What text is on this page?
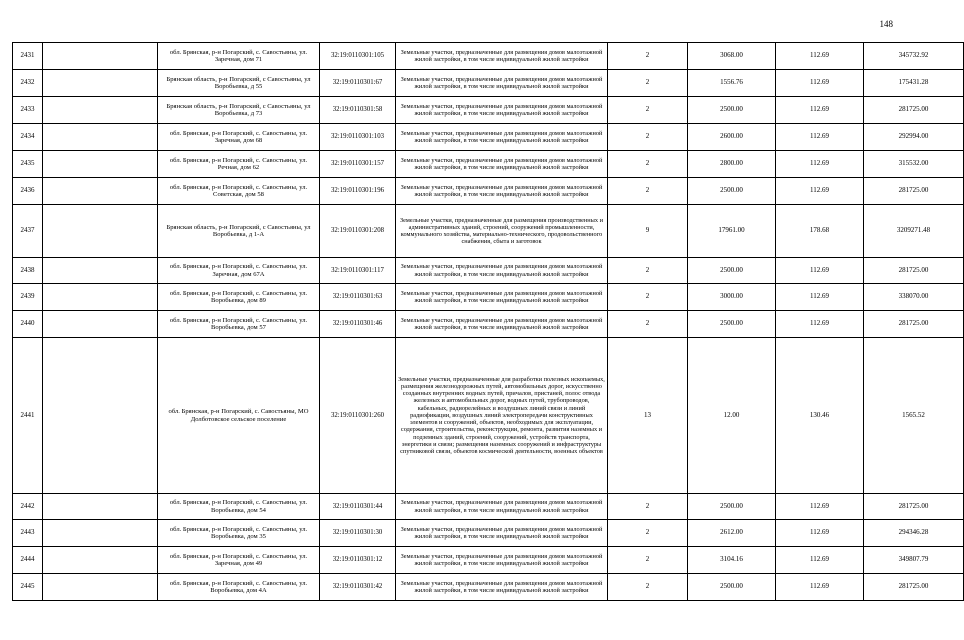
148
2431		обл. Брянская, р-н Погарский, с. Савостьяны, ул. Заречная, дом 71	32:19:0110301:105	Земельные участки, предназначенные для размещения домов малоэтажной жилой застройки, в том числе индивидуальной жилой застройки	2	3068.00	112.69	345732.92
2432		Брянская область, р-н Погарский, с Савостьяны, ул Воробьевка, д 55	32:19:0110301:67	Земельные участки, предназначенные для размещения домов малоэтажной жилой застройки, в том числе индивидуальной жилой застройки	2	1556.76	112.69	175431.28
2433		Брянская область, р-н Погарский, с Савостьяны, ул Воробьевка, д 73	32:19:0110301:58	Земельные участки, предназначенные для размещения домов малоэтажной жилой застройки, в том числе индивидуальной жилой застройки	2	2500.00	112.69	281725.00
2434		обл. Брянская, р-н Погарский, с. Савостьяны, ул. Заречная, дом 68	32:19:0110301:103	Земельные участки, предназначенные для размещения домов малоэтажной жилой застройки, в том числе индивидуальной жилой застройки	2	2600.00	112.69	292994.00
2435		обл. Брянская, р-н Погарский, с. Савостьяны, ул. Речная, дом 62	32:19:0110301:157	Земельные участки, предназначенные для размещения домов малоэтажной жилой застройки, в том числе индивидуальной жилой застройки	2	2800.00	112.69	315532.00
2436		обл. Брянская, р-н Погарский, с. Савостьяны, ул. Советская, дом 58	32:19:0110301:196	Земельные участки, предназначенные для размещения домов малоэтажной жилой застройки, в том числе индивидуальной жилой застройки	2	2500.00	112.69	281725.00
2437		Брянская область, р-н Погарский, с Савостьяны, ул Воробьевка, д 1-А	32:19:0110301:208	Земельные участки, предназначенные для размещения производственных и административных зданий, строений, сооружений промышленности, коммунального хозяйства, материально-технического, продовольственного снабжения, сбыта и заготовок	9	17961.00	178.68	3209271.48
2438		обл. Брянская, р-н Погарский, с. Савостьяны, ул. Заречная, дом 67А	32:19:0110301:117	Земельные участки, предназначенные для размещения домов малоэтажной жилой застройки, в том числе индивидуальной жилой застройки	2	2500.00	112.69	281725.00
2439		обл. Брянская, р-н Погарский, с. Савостьяны, ул. Воробьевка, дом 89	32:19:0110301:63	Земельные участки, предназначенные для размещения домов малоэтажной жилой застройки, в том числе индивидуальной жилой застройки	2	3000.00	112.69	338070.00
2440		обл. Брянская, р-н Погарский, с. Савостьяны, ул. Воробьевка, дом 57	32:19:0110301:46	Земельные участки, предназначенные для размещения домов малоэтажной жилой застройки, в том числе индивидуальной жилой застройки	2	2500.00	112.69	281725.00
2441		обл. Брянская, р-н Погарский, с. Савостьяны, МО Долботовское сельское поселение	32:19:0110301:260	Земельные участки, предназначенные для разработки полезных ископаемых, размещения железнодорожных путей, автомобильных дорог, искусственно созданных внутренних водных путей, причалов, пристаней, полос отвода железных и автомобильных дорог, водных путей, трубопроводов, кабельных, радиорелейных и воздушных линий связи и линий радиофикации, воздушных линий электропередачи конструктивных элементов и сооружений, объектов, необходимых для эксплуатации, содержания, строительства, реконструкции, ремонта, развития наземных и подземных зданий, строений, сооружений, устройств транспорта, энергетики и связи; размещения наземных сооружений и инфраструктуры спутниковой связи, объектов космической деятельности, военных объектов	13	12.00	130.46	1565.52
2442		обл. Брянская, р-н Погарский, с. Савостьяны, ул. Воробьевка, дом 54	32:19:0110301:44	Земельные участки, предназначенные для размещения домов малоэтажной жилой застройки, в том числе индивидуальной жилой застройки	2	2500.00	112.69	281725.00
2443		обл. Брянская, р-н Погарский, с. Савостьяны, ул. Воробьевка, дом 35	32:19:0110301:30	Земельные участки, предназначенные для размещения домов малоэтажной жилой застройки, в том числе индивидуальной жилой застройки	2	2612.00	112.69	294346.28
2444		обл. Брянская, р-н Погарский, с. Савостьяны, ул. Заречная, дом 49	32:19:0110301:12	Земельные участки, предназначенные для размещения домов малоэтажной жилой застройки, в том числе индивидуальной жилой застройки	2	3104.16	112.69	349807.79
2445		обл. Брянская, р-н Погарский, с. Савостьяны, ул. Воробьевка, дом 4А	32:19:0110301:42	Земельные участки, предназначенные для размещения домов малоэтажной жилой застройки, в том числе индивидуальной жилой застройки	2	2500.00	112.69	281725.00
